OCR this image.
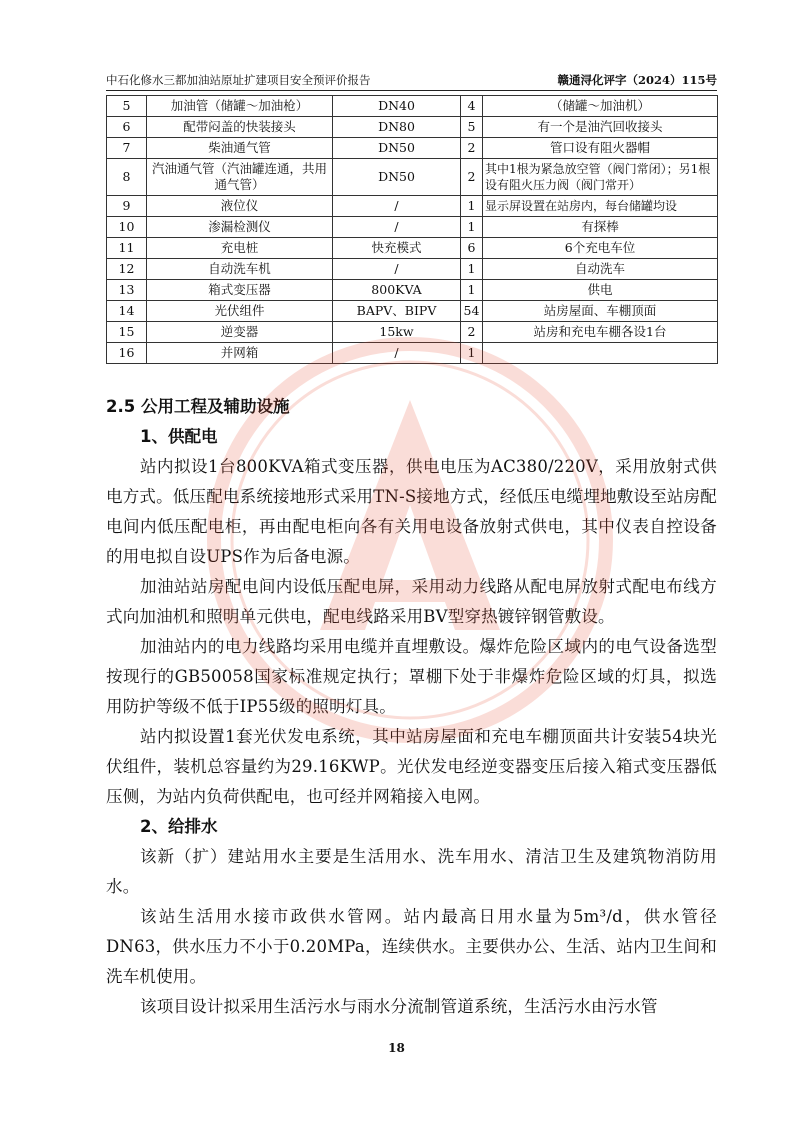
中石化修水三都加油站原址扩建项目安全预评价报告	赣通浔化评字（2024）115号
5	加油管（储罐～加油枪）	DN40	4	（储罐～加油机）
6	配带闷盖的快装接头	DN80	5	有一个是油汽回收接头
7	柴油通气管	DN50	2	管口设有阻火器帽
8	汽油通气管（汽油罐连通，共用通气管）	DN50	2	其中1根为紧急放空管（阀门常闭）；另1根设有阻火压力阀（阀门常开）
9	液位仪	/	1	显示屏设置在站房内，每台储罐均设
10	渗漏检测仪	/	1	有探棒
11	充电桩	快充模式	6	6个充电车位
12	自动洗车机	/	1	自动洗车
13	箱式变压器	800KVA	1	供电
14	光伏组件	BAPV、BIPV	54	站房屋面、车棚顶面
15	逆变器	15kw	2	站房和充电车棚各设1台
16	并网箱	/	1	
2.5 公用工程及辅助设施
1、供配电

站内拟设1台800KVA箱式变压器，供电电压为AC380/220V，采用放射式供电方式。低压配电系统接地形式采用TN-S接地方式，经低压电缆埋地敷设至站房配电间内低压配电柜，再由配电柜向各有关用电设备放射式供电，其中仪表自控设备的用电拟自设UPS作为后备电源。

加油站站房配电间内设低压配电屏，采用动力线路从配电屏放射式配电布线方式向加油机和照明单元供电，配电线路采用BV型穿热镀锌钢管敷设。

加油站内的电力线路均采用电缆并直埋敷设。爆炸危险区域内的电气设备选型按现行的GB50058国家标准规定执行；罩棚下处于非爆炸危险区域的灯具，拟选用防护等级不低于IP55级的照明灯具。

站内拟设置1套光伏发电系统，其中站房屋面和充电车棚顶面共计安装54块光伏组件，装机总容量约为29.16KWP。光伏发电经逆变器变压后接入箱式变压器低压侧，为站内负荷供配电，也可经并网箱接入电网。

2、给排水

该新（扩）建站用水主要是生活用水、洗车用水、清洁卫生及建筑物消防用水。

该站生活用水接市政供水管网。站内最高日用水量为5m³/d，供水管径DN63，供水压力不小于0.20MPa，连续供水。主要供办公、生活、站内卫生间和洗车机使用。

该项目设计拟采用生活污水与雨水分流制管道系统，生活污水由污水管

18
